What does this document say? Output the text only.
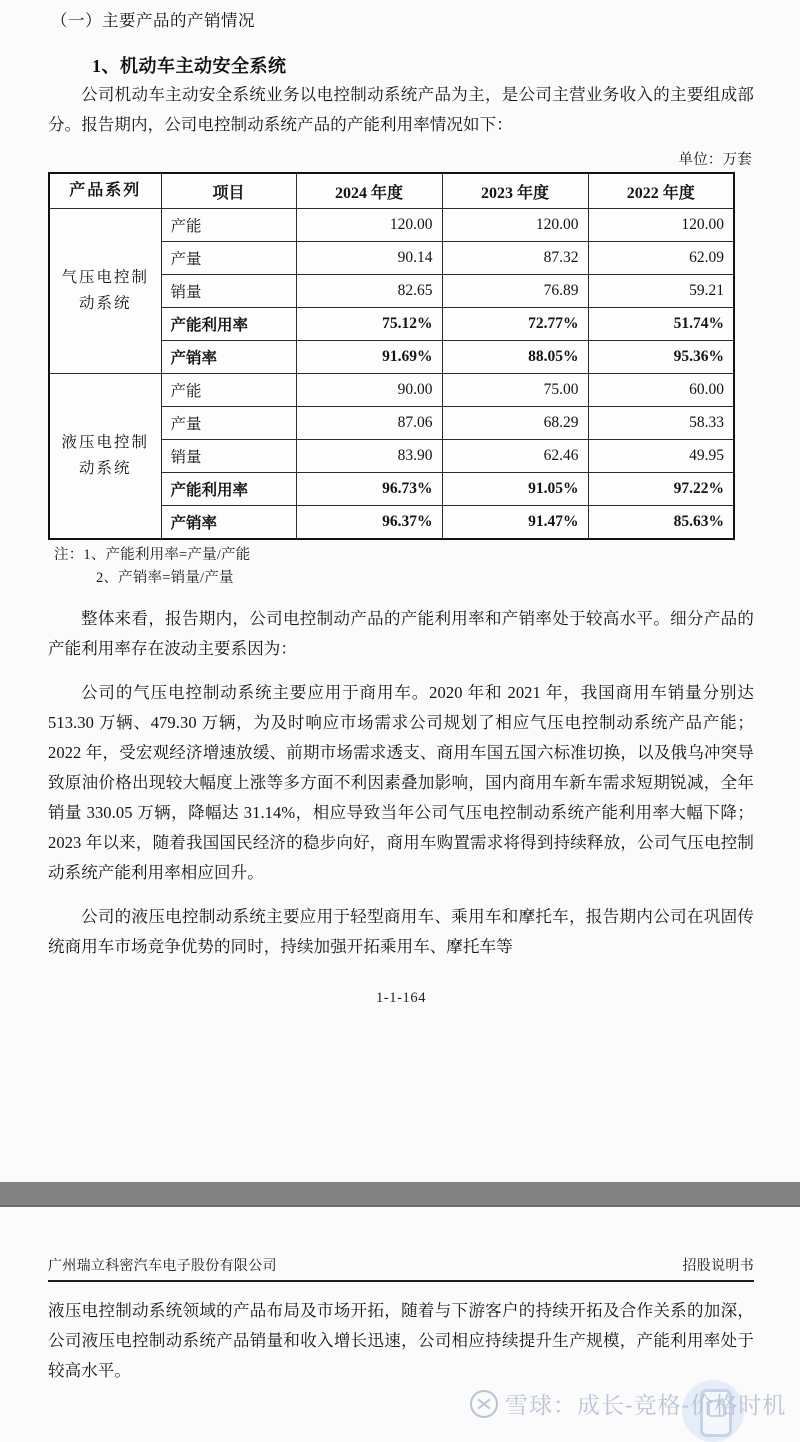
（一）主要产品的产销情况
1、机动车主动安全系统

公司机动车主动安全系统业务以电控制动系统产品为主，是公司主营业务收入的主要组成部分。报告期内，公司电控制动系统产品的产能利用率情况如下：

单位：万套
产品系列	项目	2024 年度	2023 年度	2022 年度
气压电控制动系统	产能	120.00	120.00	120.00
	产量	90.14	87.32	62.09
	销量	82.65	76.89	59.21
	产能利用率	75.12%	72.77%	51.74%
	产销率	91.69%	88.05%	95.36%
液压电控制动系统	产能	90.00	75.00	60.00
	产量	87.06	68.29	58.33
	销量	83.90	62.46	49.95
	产能利用率	96.73%	91.05%	97.22%
	产销率	96.37%	91.47%	85.63%
注：1、产能利用率=产量/产能
2、产销率=销量/产量

整体来看，报告期内，公司电控制动产品的产能利用率和产销率处于较高水平。细分产品的产能利用率存在波动主要系因为：

公司的气压电控制动系统主要应用于商用车。2020 年和 2021 年，我国商用车销量分别达 513.30 万辆、479.30 万辆，为及时响应市场需求公司规划了相应气压电控制动系统产品产能；2022 年，受宏观经济增速放缓、前期市场需求透支、商用车国五国六标准切换，以及俄乌冲突导致原油价格出现较大幅度上涨等多方面不利因素叠加影响，国内商用车新车需求短期锐减，全年销量 330.05 万辆，降幅达 31.14%，相应导致当年公司气压电控制动系统产能利用率大幅下降；2023 年以来，随着我国国民经济的稳步向好，商用车购置需求将得到持续释放，公司气压电控制动系统产能利用率相应回升。

公司的液压电控制动系统主要应用于轻型商用车、乘用车和摩托车，报告期内公司在巩固传统商用车市场竞争优势的同时，持续加强开拓乘用车、摩托车等

1-1-164
广州瑞立科密汽车电子股份有限公司	招股说明书

液压电控制动系统领域的产品布局及市场开拓，随着与下游客户的持续开拓及合作关系的加深，公司液压电控制动系统产品销量和收入增长迅速，公司相应持续提升生产规模，产能利用率处于较高水平。

雪球：成长-竞格-价格时机
